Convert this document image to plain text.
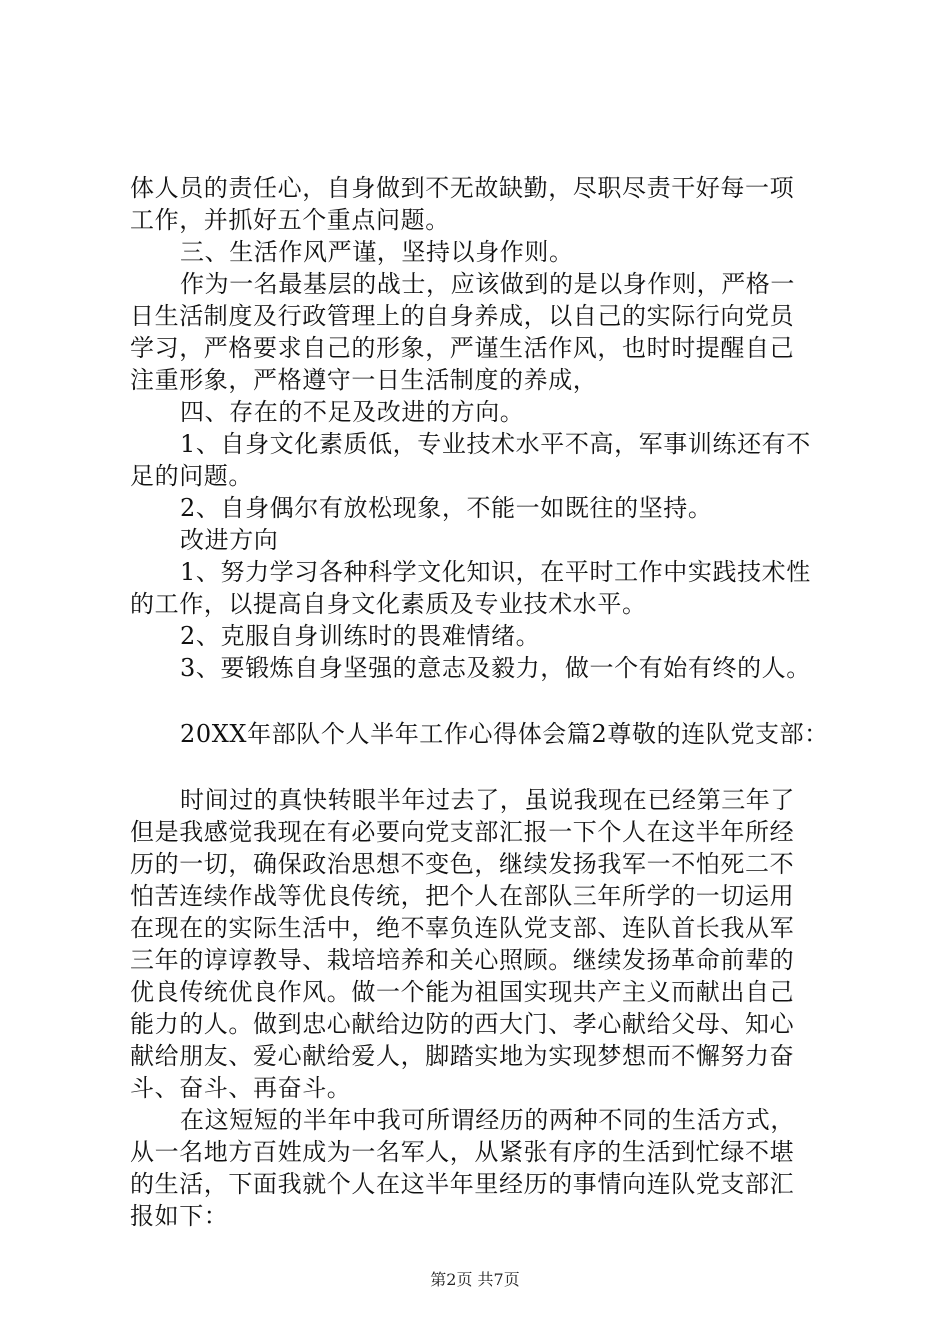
体人员的责任心，自身做到不无故缺勤，尽职尽责干好每一项
工作，并抓好五个重点问题。
三、生活作风严谨，坚持以身作则。
作为一名最基层的战士，应该做到的是以身作则，严格一
日生活制度及行政管理上的自身养成，以自己的实际行向党员
学习，严格要求自己的形象，严谨生活作风，也时时提醒自己
注重形象，严格遵守一日生活制度的养成，
四、存在的不足及改进的方向。
1、自身文化素质低，专业技术水平不高，军事训练还有不
足的问题。
2、自身偶尔有放松现象，不能一如既往的坚持。
改进方向
1、努力学习各种科学文化知识，在平时工作中实践技术性
的工作，以提高自身文化素质及专业技术水平。
2、克服自身训练时的畏难情绪。
3、要锻炼自身坚强的意志及毅力，做一个有始有终的人。
20XX年部队个人半年工作心得体会篇2尊敬的连队党支部：
时间过的真快转眼半年过去了，虽说我现在已经第三年了
但是我感觉我现在有必要向党支部汇报一下个人在这半年所经
历的一切，确保政治思想不变色，继续发扬我军一不怕死二不
怕苦连续作战等优良传统，把个人在部队三年所学的一切运用
在现在的实际生活中，绝不辜负连队党支部、连队首长我从军
三年的谆谆教导、栽培培养和关心照顾。继续发扬革命前辈的
优良传统优良作风。做一个能为祖国实现共产主义而献出自己
能力的人。做到忠心献给边防的西大门、孝心献给父母、知心
献给朋友、爱心献给爱人，脚踏实地为实现梦想而不懈努力奋
斗、奋斗、再奋斗。
在这短短的半年中我可所谓经历的两种不同的生活方式，
从一名地方百姓成为一名军人，从紧张有序的生活到忙绿不堪
的生活，下面我就个人在这半年里经历的事情向连队党支部汇
报如下：
第2页 共7页
